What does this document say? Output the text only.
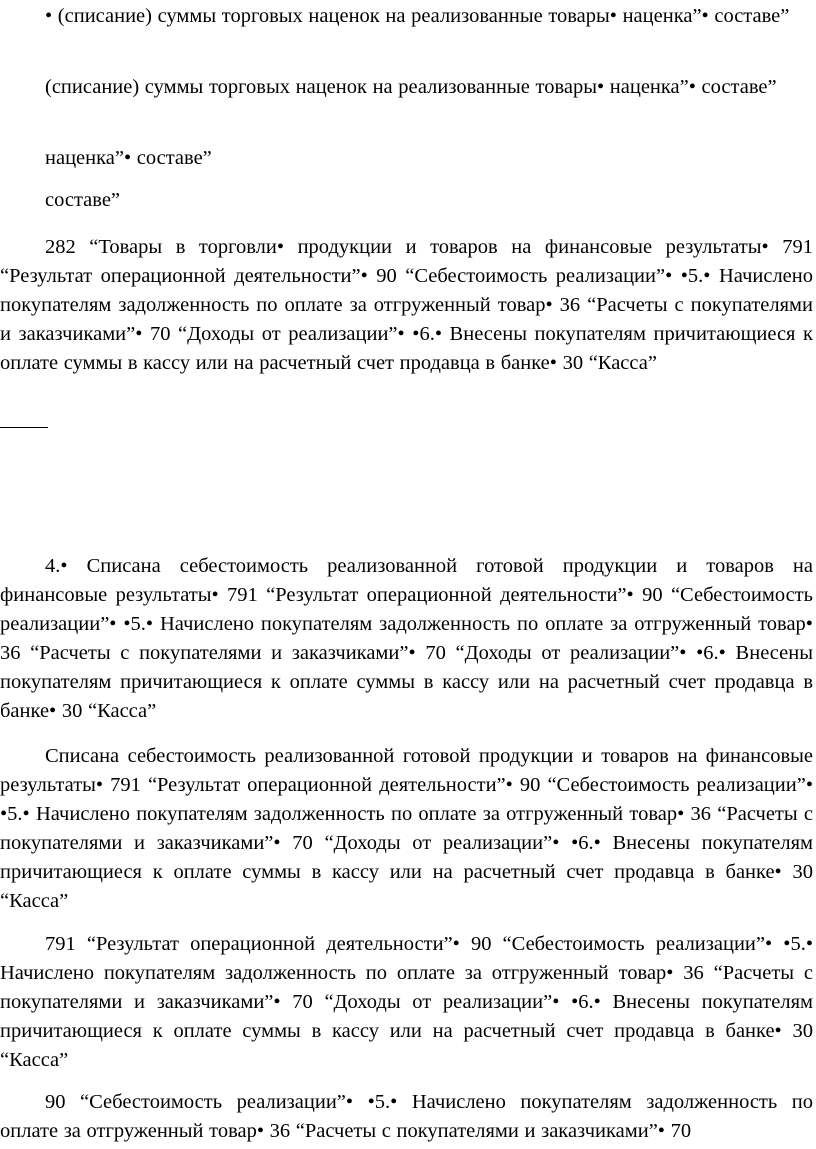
• (списание) суммы торговых наценок на реализованные товары• наценка”• составе”

(списание) суммы торговых наценок на реализованные товары• наценка”• составе”

наценка”• составе”

составе”

282 “Товары в торговли• продукции и товаров на финансовые результаты• 791 “Результат операционной деятельности”• 90 “Себестоимость реализации”• •5.• Начислено покупателям задолженность по оплате за отгруженный товар• 36 “Расчеты с покупателями и заказчиками”• 70 “Доходы от реализации”• •6.• Внесены покупателям причитающиеся к оплате суммы в кассу или на расчетный счет продавца в банке• 30 “Касса”

4.• Списана себестоимость реализованной готовой продукции и товаров на финансовые результаты• 791 “Результат операционной деятельности”• 90 “Себестоимость реализации”• •5.• Начислено покупателям задолженность по оплате за отгруженный товар• 36 “Расчеты с покупателями и заказчиками”• 70 “Доходы от реализации”• •6.• Внесены покупателям причитающиеся к оплате суммы в кассу или на расчетный счет продавца в банке• 30 “Касса”

Списана себестоимость реализованной готовой продукции и товаров на финансовые результаты• 791 “Результат операционной деятельности”• 90 “Себестоимость реализации”• •5.• Начислено покупателям задолженность по оплате за отгруженный товар• 36 “Расчеты с покупателями и заказчиками”• 70 “Доходы от реализации”• •6.• Внесены покупателям причитающиеся к оплате суммы в кассу или на расчетный счет продавца в банке• 30 “Касса”

791 “Результат операционной деятельности”• 90 “Себестоимость реализации”• •5.• Начислено покупателям задолженность по оплате за отгруженный товар• 36 “Расчеты с покупателями и заказчиками”• 70 “Доходы от реализации”• •6.• Внесены покупателям причитающиеся к оплате суммы в кассу или на расчетный счет продавца в банке• 30 “Касса”

90 “Себестоимость реализации”• •5.• Начислено покупателям задолженность по оплате за отгруженный товар• 36 “Расчеты с покупателями и заказчиками”• 70
